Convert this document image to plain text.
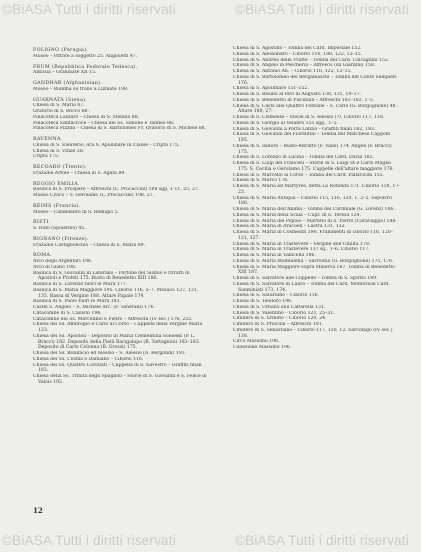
©BiASA Tutti i diritti riservati	©BiASA Tutti i diritti riservati
©BiASA Tutti i diritti riservati	©BiASA Tutti i diritti riservati
FOLIGNO (Perugia).
Museo – Pittore a soggetto 25. Angioletti 47.
FRUM (Repubblica Federale Tedesca).
Anticua – Gradinate XII 15.
GANDHAR (Afghanistan).
Museo – Buddha su trono a Lizinate 198.
GUARNATA (Siena).
Chiesa di S. Maria 87.
Oratorio di S. Rocco 88.
Pinacoteca Lazzaro – Chiesa di S. Stefano 88.
Pinacoteca Santacroce – Chiesa dei Ss. Simone e Taddeo 88.
Pinacoteca Pizzini – Chiesa di S. Bartolomeo Fr. Oratorio di S. Michele 88.
RAVENNA.
Chiesa di S. Eleuterio, ora S. Apollinare in Classe – Cripta 175.
Chiesa di S. Vitale 28.
Cripta 175.
RECOARO (Trento).
Frazione Artole – Chiesa di S. Agata 89.
REGGIO EMILIA.
Basilica di S. Prospero – Affreschi (C. Procaccini) 188 sgg. 1-11, 25, 27.
Museo Civico – S. Gerolamo (L. Procaccini) 198, 27.
REIMS (Francia).
Museo – Candelabro di S. Remigio 5.
RIETI.
S. Rufo (Spoletino) 45.
RIGNANO (Firenze).
Frazione Castiglionchio – Chiesa di S. Maria 89.
ROMA.
Arco degli Argentari 196.
Arco di Giano 196.
Basilica di S. Giovanni in Laterano – Portone del Sisinio e ritratti di Apostoli e Profeti 175. Busto di Benedetto XIII 186.
Basilica di S. Lorenzo fuori le Mura 177.
Basilica di S. Maria Maggiore 195. Ciborio 116, 5–7. Mosaici 127, 131, 135. Rassa di Vergine 188. Altare Papale 174.
Basilica di S. Paolo fuori le Mura 183.
Castel S. Angelo – S. Michele Arc. (F. Tenerani) 174.
Catacombe di S. Callisto 196.
Catacombe dei Ss. Marcellino e Pietro – Affreschi (IV sec.) 176, 232.
Chiesa dei Ss. Ambrogio e Carlo al Corso – Cappella della Vergine Maria 123.
Chiesa dei Ss. Apostoli – Deposito di Maria Clementina Sobieski (P. L. Bracci) 182. Deposito della Pietà Bacigalupo (B. Tartagnini) 182–183. Deposito di Carlo Colonna (B. Grossi) 175.
Chiesa dei Ss. Bonifacio ed Alessio – S. Alessio (A. Bergondi) 193.
Chiesa dei Ss. Cosma e Damiano – Ciborio 116.
Chiesa dei Ss. Quattro Coronati – Cappella di S. Silvestro – Graffiti finali 183.
Chiesa della Ss. Trinità degli Spagnoli – Storie di S. Giovanni e S. Felice di Valois 192.
Chiesa di S. Agostino – Tomba del Card. Imperiale 152.
Chiesa di S. Alessandro – Ciborio 116, 188, 122, 12–15.
Chiesa di S. Andrea della Fratte – Tomba del Card. Calcagnini 152.
Chiesa di S. Angelo in Pescheria – Affresco (da Giardini) 150.
Chiesa di S. Antonio Ab. – Ciborio 116, 122, 12–15.
Chiesa di S. Bartolomeo dei Bergamaschi – Tomba del Conte Sampieri 176.
Chiesa di S. Apollinare 151–152.
Chiesa di S. Basilio al foro di Augusto 138, 131, 14–17.
Chiesa di S. Benedetto in Piscinula – Affreschi 181–182, 1–5.
Chiesa di S. Carlo alle Quattro Fontane – S. Carlo (G. Borgognone) 48. Altare 188, 27.
Chiesa di S. Clemente – Storie di S. Alessio (?). Ciborio 117, 118.
Chiesa di S. Giorgio al Velabro 155 sgg., 1–5.
Chiesa di S. Giovanni a Porta Latina – Graffiti finali 182, 183.
Chiesa di S. Giovanni dei Fiorentini – Tomba del Marchese Capponi 195.
Chiesa di S. Isidoro – Busto-Ritratto (F. Valle) 174. Angeli (F. Bracci) 175.
Chiesa di S. Lorenzo in Lucina – Tomba del Card. Davia 185.
Chiesa di S. Luigi dei Francesi – Storie di S. Luigi IX e Carlo Magno 175. S. Cecilia e Gerolamo 175. Cappelle dell'altare maggiore 176.
Chiesa di S. Marcello al Corso – Tomba del Card. Pallavicini 155.
Chiesa di S. Marco 176.
Chiesa di S. Maria ad Martyres, detta La Rotonda 171. Ciborio 118, 17–23.
Chiesa di S. Maria Antiqua – Ciborio 115, 116, 120, 1, 2–2. Sepolcro 186.
Chiesa di S. Maria dell'Anima – Tomba del Cardinale (G. Lorenz) 186.
Chiesa di S. Maria della Scala – Cupr. di S. Teresa 124.
Chiesa di S. Maria del Popolo – Martirio di S. Pietro (Caravaggio) 188.
Chiesa di S. Maria di Aracoeli – Lastra 131, 132.
Chiesa di S. Maria in Cosmedin 190. Frammenti di ciborio 116, 120–121, 127.
Chiesa di S. Maria in Trastevere – Vergine dell'Umiltà 179.
Chiesa di S. Maria in Trastevere 137 sg., 1–6. Ciborio 117.
Chiesa di S. Maria in Vallicella 186.
Chiesa di S. Maria Maddalena – Sacrestia (G. Borgognone) 175, 176.
Chiesa di S. Maria Maggiore sopra Minerva 187. Tomba di Benedetto XIII 187.
Chiesa di S. Salvatore alle Coppelle – Tomba di S. Spirito 189.
Chiesa di S. Salvatore in Lauro – Tomba del Card. Montorsoli Card. Sanminiati 173, 174.
Chiesa di S. Saturnino – Ciborio 116.
Chiesa di S. Teodoro 196.
Chiesa di S. Urbano alla Caffarella 131.
Chiesa di S. Valentino – Ciborio 121, 25–31.
Cimitero di S. Ermete – Ciborio 120, 24.
Cimitero di S. Priscilla – Affreschi 191.
Cimitero di S. Sebastiano – Ciborio 117, 120, 12. Sarcofago (IV sec.) 138.
Circo Massimo 196.
Collezione Massimo 196.
12
